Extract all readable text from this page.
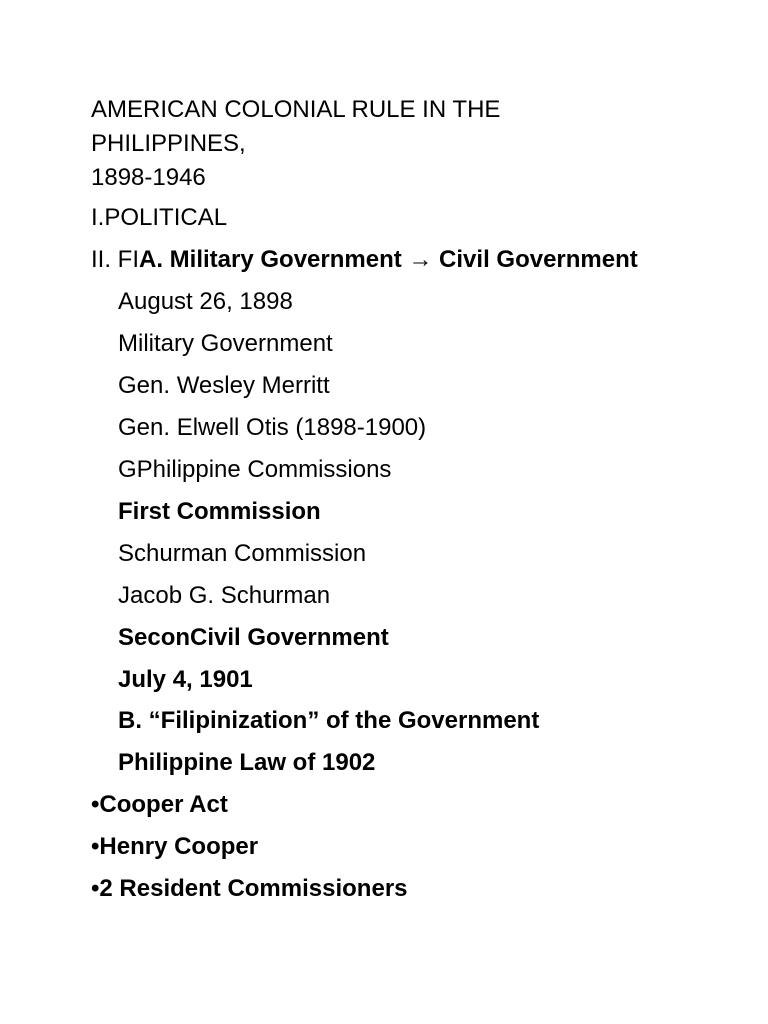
AMERICAN COLONIAL RULE IN THE
PHILIPPINES,
1898-1946
I.POLITICAL
II. FIA. Military Government → Civil Government
August 26, 1898
Military Government
Gen. Wesley Merritt
Gen. Elwell Otis (1898-1900)
GPhilippine Commissions
First Commission
Schurman Commission
Jacob G. Schurman
SeconCivil Government
July 4, 1901
B. “Filipinization” of the Government
Philippine Law of 1902
•Cooper Act
•Henry Cooper
•2 Resident Commissioners
